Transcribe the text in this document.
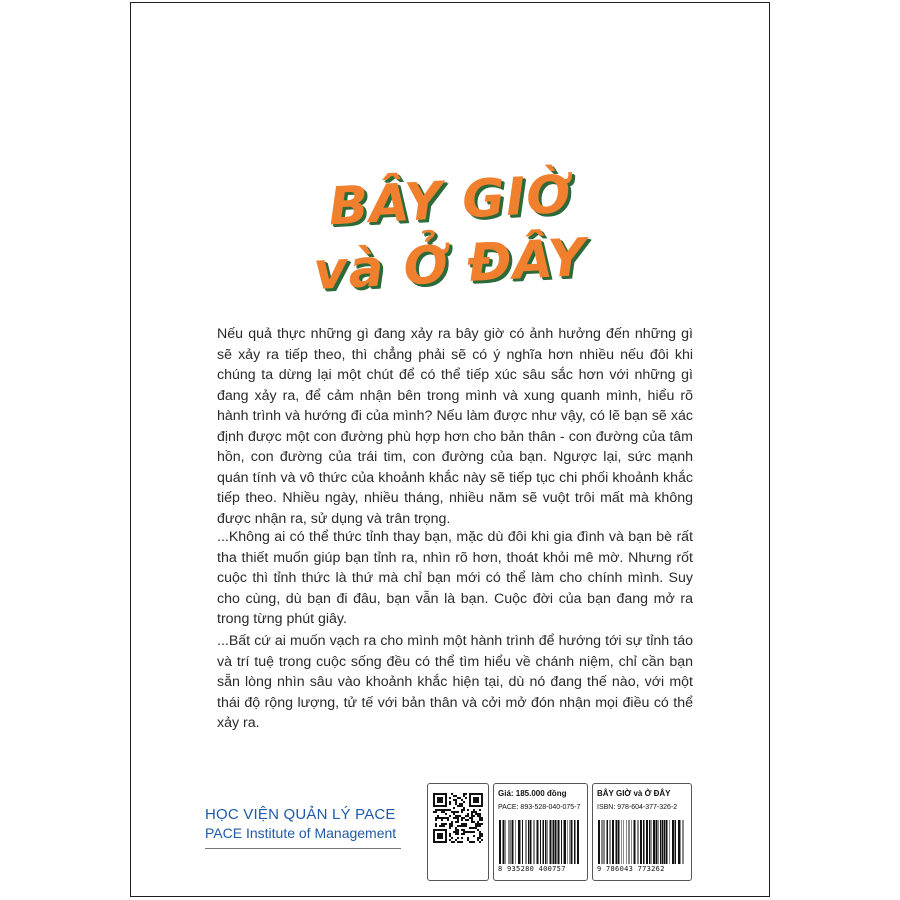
BÂY GIỜ
và Ở ĐÂY

Nếu quả thực những gì đang xảy ra bây giờ có ảnh hưởng đến những gì sẽ xảy ra tiếp theo, thì chẳng phải sẽ có ý nghĩa hơn nhiều nếu đôi khi chúng ta dừng lại một chút để có thể tiếp xúc sâu sắc hơn với những gì đang xảy ra, để cảm nhận bên trong mình và xung quanh mình, hiểu rõ hành trình và hướng đi của mình? Nếu làm được như vậy, có lẽ bạn sẽ xác định được một con đường phù hợp hơn cho bản thân - con đường của tâm hồn, con đường của trái tim, con đường của bạn. Ngược lại, sức mạnh quán tính và vô thức của khoảnh khắc này sẽ tiếp tục chi phối khoảnh khắc tiếp theo. Nhiều ngày, nhiều tháng, nhiều năm sẽ vuột trôi mất mà không được nhận ra, sử dụng và trân trọng.

...Không ai có thể thức tỉnh thay bạn, mặc dù đôi khi gia đình và bạn bè rất tha thiết muốn giúp bạn tỉnh ra, nhìn rõ hơn, thoát khỏi mê mờ. Nhưng rốt cuộc thì tỉnh thức là thứ mà chỉ bạn mới có thể làm cho chính mình. Suy cho cùng, dù bạn đi đâu, bạn vẫn là bạn. Cuộc đời của bạn đang mở ra trong từng phút giây.

...Bất cứ ai muốn vạch ra cho mình một hành trình để hướng tới sự tỉnh táo và trí tuệ trong cuộc sống đều có thể tìm hiểu về chánh niệm, chỉ cần bạn sẵn lòng nhìn sâu vào khoảnh khắc hiện tại, dù nó đang thế nào, với một thái độ rộng lượng, tử tế với bản thân và cởi mở đón nhận mọi điều có thể xảy ra.

HỌC VIỆN QUẢN LÝ PACE
PACE Institute of Management
Giá: 185.000 đồng
PACE: 893-528-040-075-7
8 935280 400757
BÂY GIỜ và Ở ĐÂY
ISBN: 978-604-377-326-2
9 786043 773262
